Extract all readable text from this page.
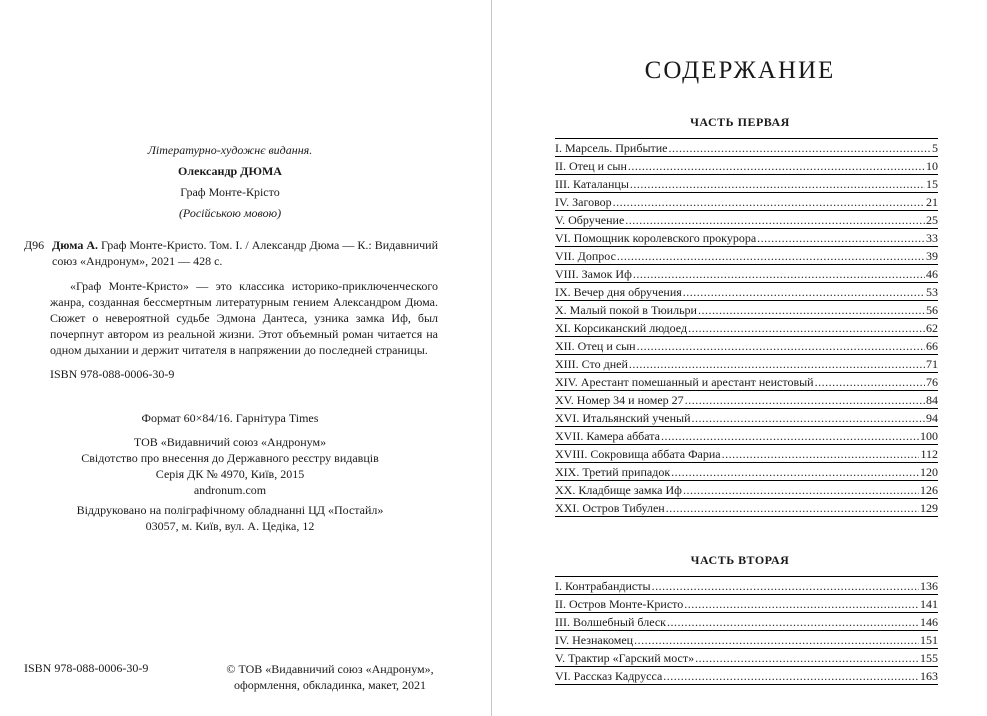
Літературно-художнє видання.
Олександр ДЮМА
Граф Монте-Крісто
(Російською мовою)
Д96 Дюма А. Граф Монте-Кристо. Том. I. / Александр Дюма — К.: Видавничий союз «Андронум», 2021 — 428 с.
«Граф Монте-Кристо» — это классика историко-приключенческого жанра, созданная бессмертным литературным гением Александром Дюма. Сюжет о невероятной судьбе Эдмона Дантеса, узника замка Иф, был почерпнут автором из реальной жизни. Этот объемный роман читается на одном дыхании и держит читателя в напряжении до последней страницы.
ISBN 978-088-0006-30-9
Формат 60×84/16. Гарнітура Times
ТОВ «Видавничий союз «Андронум»
Свідотство про внесення до Державного реєстру видавців
Серія ДК № 4970, Київ, 2015
andronum.com
Віддруковано на поліграфічному обладнанні ЦД «Постайл»
03057, м. Київ, вул. А. Цедіка, 12
ISBN 978-088-0006-30-9	© ТОВ «Видавничий союз «Андронум»,
оформлення, обкладинка, макет, 2021
СОДЕРЖАНИЕ
ЧАСТЬ ПЕРВАЯ
I. Марсель. Прибытие .....	5
II. Отец и сын .....	10
III. Каталанцы .....	15
IV. Заговор .....	21
V. Обручение .....	25
VI. Помощник королевского прокурора .....	33
VII. Допрос .....	39
VIII. Замок Иф .....	46
IX. Вечер дня обручения .....	53
X. Малый покой в Тюильри .....	56
XI. Корсиканский людоед .....	62
XII. Отец и сын .....	66
XIII. Сто дней .....	71
XIV. Арестант помешанный и арестант неистовый .....	76
XV. Номер 34 и номер 27 .....	84
XVI. Итальянский ученый .....	94
XVII. Камера аббата .....	100
XVIII. Сокровища аббата Фариа .....	112
XIX. Третий припадок .....	120
XX. Кладбище замка Иф .....	126
XXI. Остров Тибулен .....	129
ЧАСТЬ ВТОРАЯ
I. Контрабандисты .....	136
II. Остров Монте-Кристо .....	141
III. Волшебный блеск .....	146
IV. Незнакомец .....	151
V. Трактир «Гарский мост» .....	155
VI. Рассказ Кадрусса .....	163
